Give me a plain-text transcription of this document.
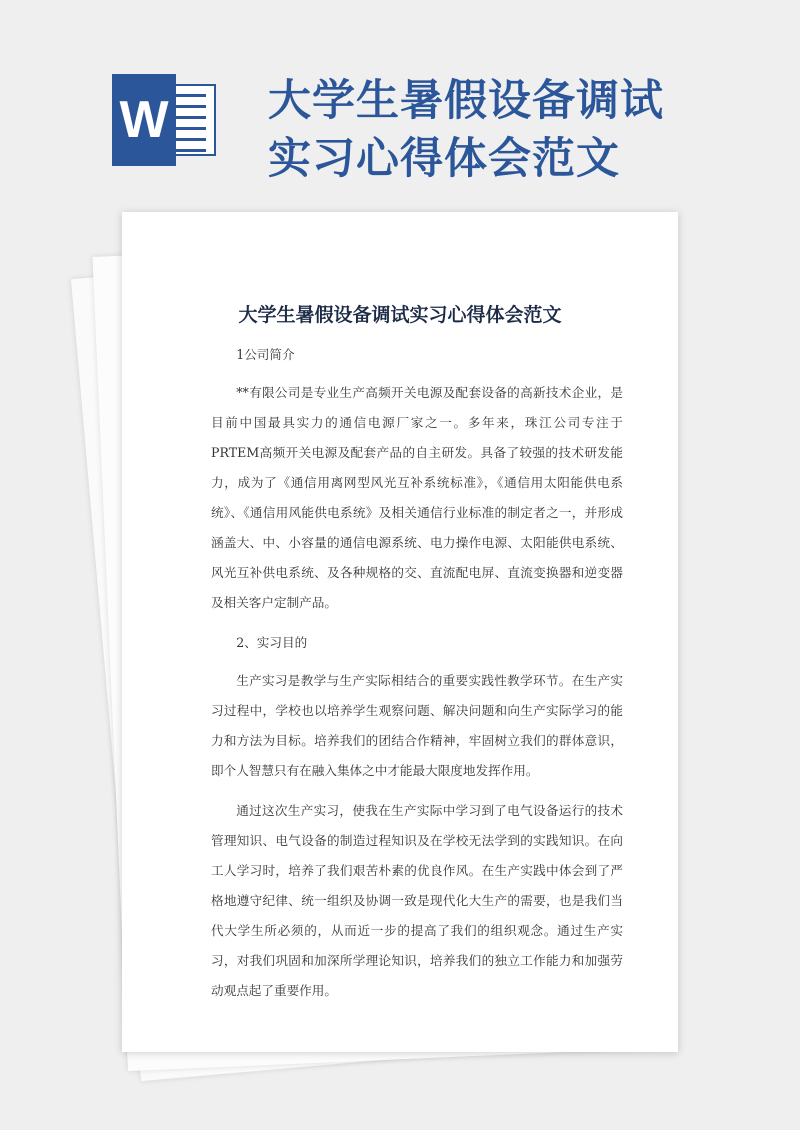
W 大学生暑假设备调试实习心得体会范文
大学生暑假设备调试实习心得体会范文
1公司简介

**有限公司是专业生产高频开关电源及配套设备的高新技术企业，是目前中国最具实力的通信电源厂家之一。多年来，珠江公司专注于PRTEM高频开关电源及配套产品的自主研发。具备了较强的技术研发能力，成为了《通信用离网型风光互补系统标准》，《通信用太阳能供电系统》、《通信用风能供电系统》及相关通信行业标准的制定者之一，并形成涵盖大、中、小容量的通信电源系统、电力操作电源、太阳能供电系统、风光互补供电系统、及各种规格的交、直流配电屏、直流变换器和逆变器及相关客户定制产品。

2、实习目的

生产实习是教学与生产实际相结合的重要实践性教学环节。在生产实习过程中，学校也以培养学生观察问题、解决问题和向生产实际学习的能力和方法为目标。培养我们的团结合作精神，牢固树立我们的群体意识，即个人智慧只有在融入集体之中才能最大限度地发挥作用。

通过这次生产实习，使我在生产实际中学习到了电气设备运行的技术管理知识、电气设备的制造过程知识及在学校无法学到的实践知识。在向工人学习时，培养了我们艰苦朴素的优良作风。在生产实践中体会到了严格地遵守纪律、统一组织及协调一致是现代化大生产的需要，也是我们当代大学生所必须的，从而近一步的提高了我们的组织观念。通过生产实习，对我们巩固和加深所学理论知识，培养我们的独立工作能力和加强劳动观点起了重要作用。
